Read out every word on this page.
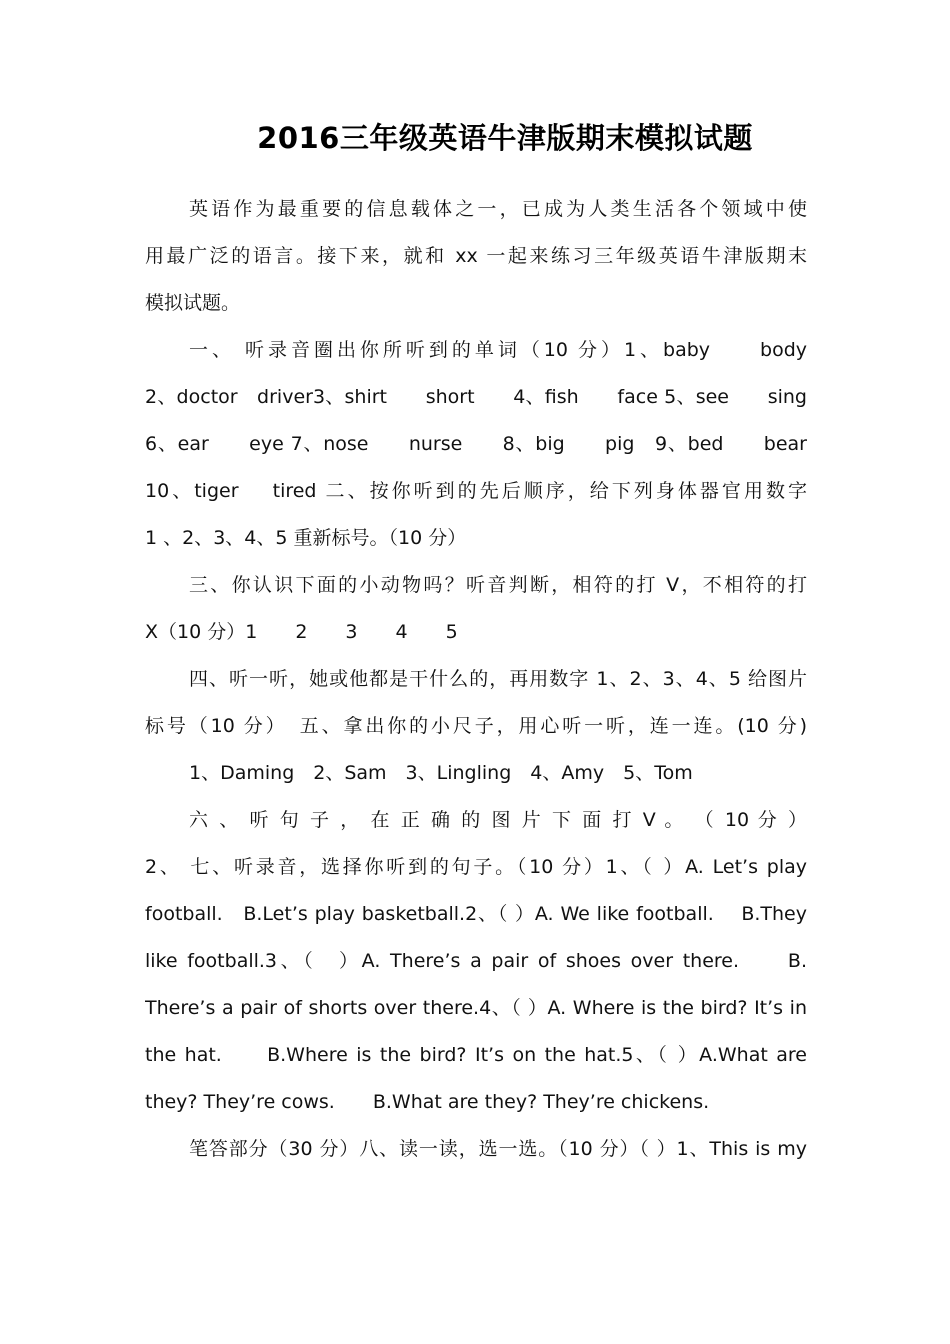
2016三年级英语牛津版期末模拟试题
英语作为最重要的信息载体之一，已成为人类生活各个领域中使
用最广泛的语言。接下来，就和 xx 一起来练习三年级英语牛津版期末
模拟试题。
一、 听录音圈出你所听到的单词（10 分）1、baby　　body
2、doctor　driver3、shirt　　short　　4、fish　　face 5、see　　sing
6、ear　　eye 7、nose　　nurse　　8、big　　pig　9、bed　　bear
10、tiger　 tired 二、按你听到的先后顺序，给下列身体器官用数字
1 、2、3、4、5 重新标号。（10 分）
三、你认识下面的小动物吗？听音判断，相符的打 V，不相符的打
X（10 分）1　　2　　3　　4　　5
四、听一听，她或他都是干什么的，再用数字 1、2、3、4、5 给图片
标号（10 分）　五、拿出你的小尺子，用心听一听，连一连。(10 分)
1、Daming　2、Sam　3、Lingling　4、Amy　5、Tom
六 、 听 句 子 ， 在 正 确 的 图 片 下 面 打 V 。 （ 10 分 ）
2、 七、听录音，选择你听到的句子。（10 分）1、（ ）A. Let’s play
football.　B.Let’s play basketball.2、（ ）A. We like football.　 B.They
like football.3、（　）A. There’s a pair of shoes over there.　　B.
There’s a pair of shorts over there.4、（ ）A. Where is the bird? It’s in
the hat.　　B.Where is the bird? It’s on the hat.5、（ ）A.What are
they? They’re cows.　　B.What are they? They’re chickens.
笔答部分（30 分）八、读一读，选一选。（10 分）（ ）1、This is my
